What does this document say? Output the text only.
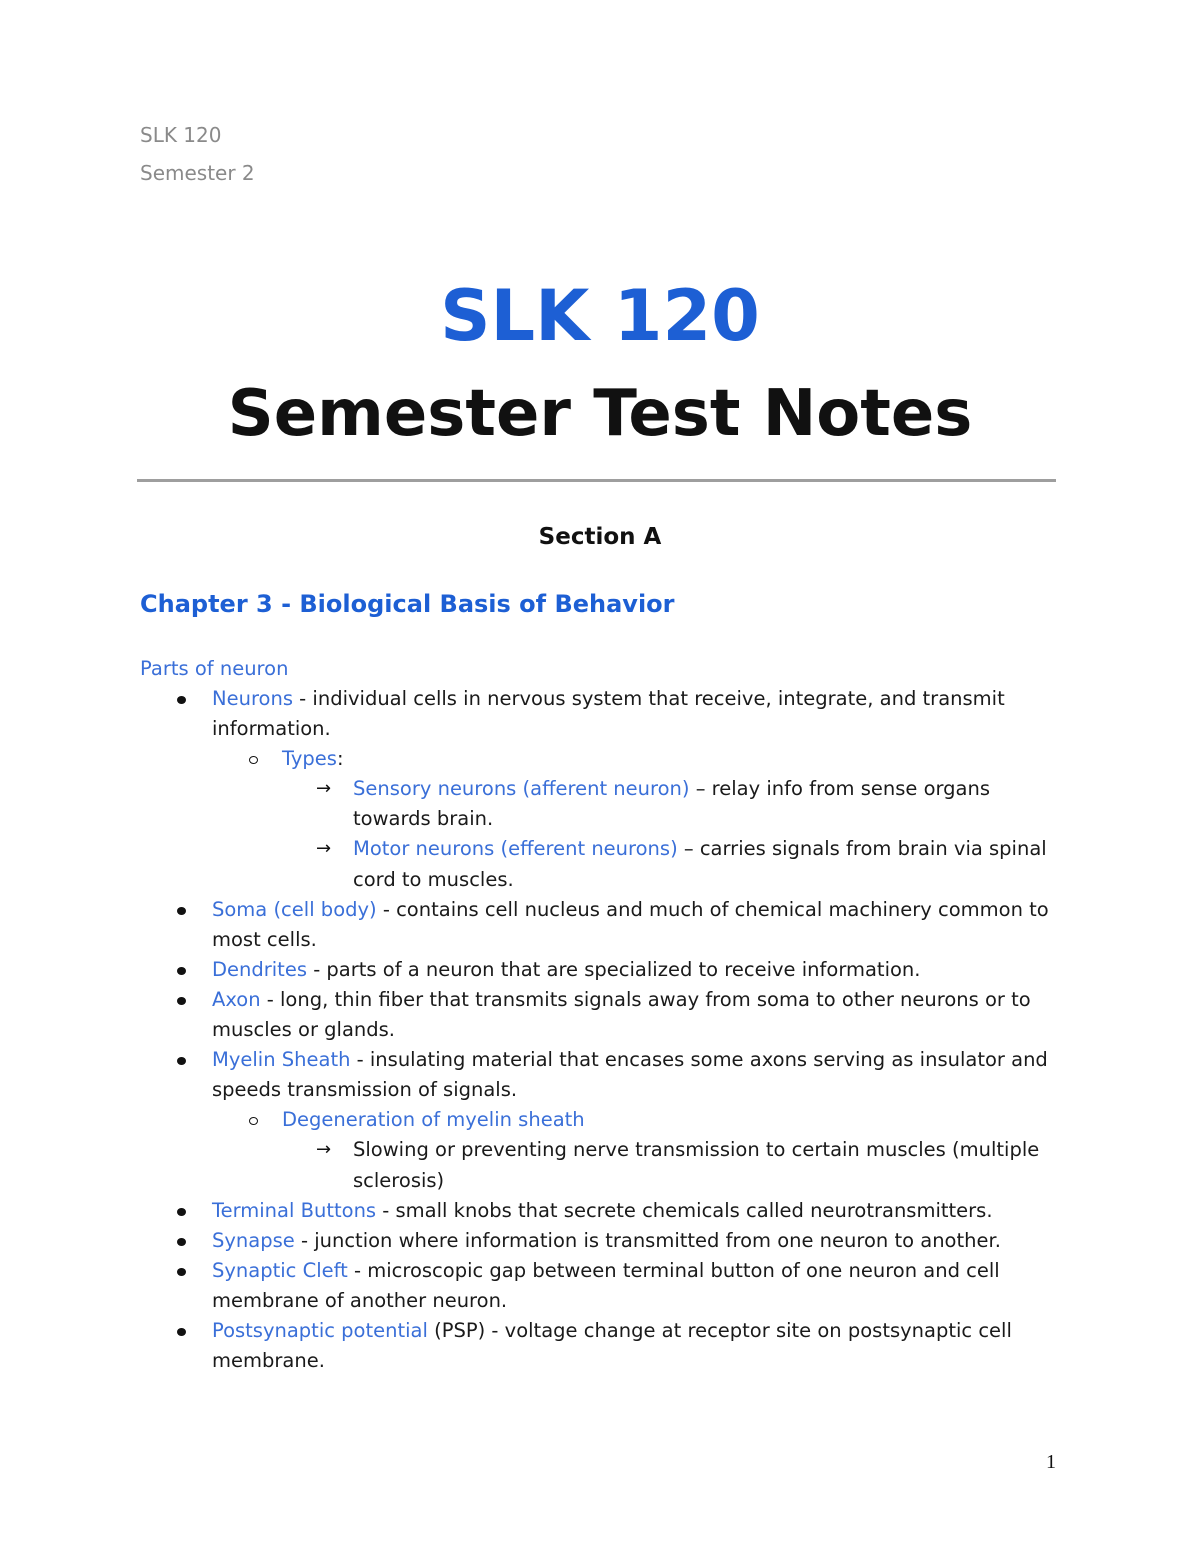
SLK 120
Semester 2
SLK 120
Semester Test Notes
Section A
Chapter 3 - Biological Basis of Behavior
Parts of neuron
Neurons - individual cells in nervous system that receive, integrate, and transmit information.
Types:
→ Sensory neurons (afferent neuron) – relay info from sense organs towards brain.
→ Motor neurons (efferent neurons) – carries signals from brain via spinal cord to muscles.
Soma (cell body) - contains cell nucleus and much of chemical machinery common to most cells.
Dendrites - parts of a neuron that are specialized to receive information.
Axon - long, thin fiber that transmits signals away from soma to other neurons or to muscles or glands.
Myelin Sheath - insulating material that encases some axons serving as insulator and speeds transmission of signals.
Degeneration of myelin sheath
→ Slowing or preventing nerve transmission to certain muscles (multiple sclerosis)
Terminal Buttons - small knobs that secrete chemicals called neurotransmitters.
Synapse - junction where information is transmitted from one neuron to another.
Synaptic Cleft - microscopic gap between terminal button of one neuron and cell membrane of another neuron.
Postsynaptic potential (PSP) - voltage change at receptor site on postsynaptic cell membrane.
1
